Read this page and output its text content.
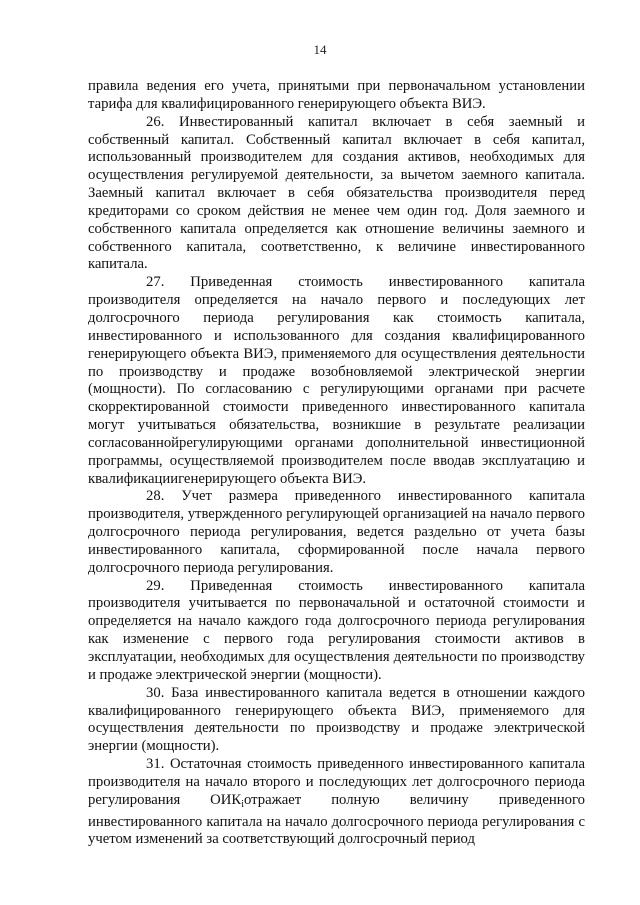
14

правила ведения его учета, принятыми при первоначальном установлении тарифа для квалифицированного генерирующего объекта ВИЭ.

26. Инвестированный капитал включает в себя заемный и собственный капитал. Собственный капитал включает в себя капитал, использованный производителем для создания активов, необходимых для осуществления регулируемой деятельности, за вычетом заемного капитала. Заемный капитал включает в себя обязательства производителя перед кредиторами со сроком действия не менее чем один год. Доля заемного и собственного капитала определяется как отношение величины заемного и собственного капитала, соответственно, к величине инвестированного капитала.

27. Приведенная стоимость инвестированного капитала производителя определяется на начало первого и последующих лет долгосрочного периода регулирования как стоимость капитала, инвестированного и использованного для создания квалифицированного генерирующего объекта ВИЭ, применяемого для осуществления деятельности по производству и продаже возобновляемой электрической энергии (мощности). По согласованию с регулирующими органами при расчете скорректированной стоимости приведенного инвестированного капитала могут учитываться обязательства, возникшие в результате реализации согласованнойрегулирующими органами дополнительной инвестиционной программы, осуществляемой производителем после вводав эксплуатацию и квалификациигенерирующего объекта ВИЭ.

28. Учет размера приведенного инвестированного капитала производителя, утвержденного регулирующей организацией на начало первого долгосрочного периода регулирования, ведется раздельно от учета базы инвестированного капитала, сформированной после начала первого долгосрочного периода регулирования.

29. Приведенная стоимость инвестированного капитала производителя учитывается по первоначальной и остаточной стоимости и определяется на начало каждого года долгосрочного периода регулирования как изменение с первого года регулирования стоимости активов в эксплуатации, необходимых для осуществления деятельности по производству и продаже электрической энергии (мощности).

30. База инвестированного капитала ведется в отношении каждого квалифицированного генерирующего объекта ВИЭ, применяемого для осуществления деятельности по производству и продаже электрической энергии (мощности).

31. Остаточная стоимость приведенного инвестированного капитала производителя на начало второго и последующих лет долгосрочного периода регулирования $ОИК_iотражает$ полную величину приведенного инвестированного капитала на начало долгосрочного периода регулирования с учетом изменений за соответствующий долгосрочный период
